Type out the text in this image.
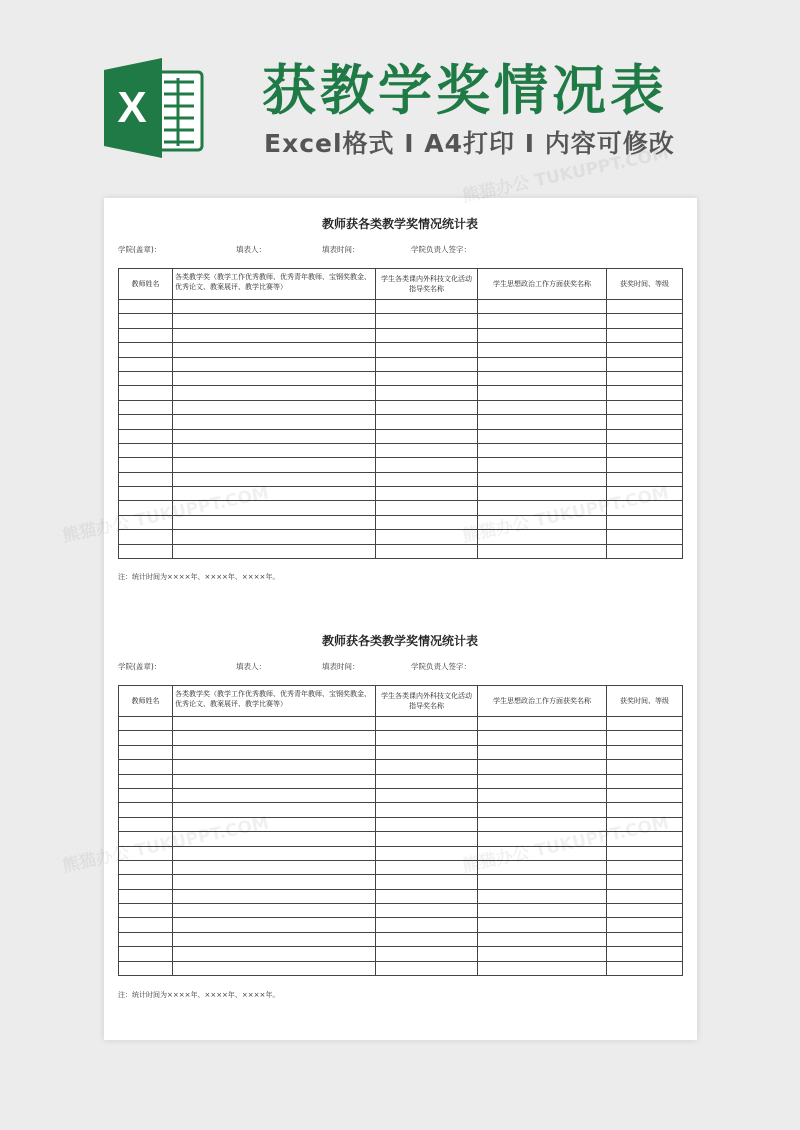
X 获教学奖情况表
Excel格式 I A4打印 I 内容可修改
教师获各类教学奖情况统计表
学院(盖章)：	填表人：	填表时间：	学院负责人签字：
教师姓名	各类教学奖（教学工作优秀教师、优秀青年教师、宝钢奖教金、优秀论文、教案展评、教学比赛等）	学生各类课内外科技文化活动指导奖名称	学生思想政治工作方面获奖名称	获奖时间、等级

注：统计时间为××××年、××××年、××××年。
教师获各类教学奖情况统计表
学院(盖章)：	填表人：	填表时间：	学院负责人签字：
教师姓名	各类教学奖（教学工作优秀教师、优秀青年教师、宝钢奖教金、优秀论文、教案展评、教学比赛等）	学生各类课内外科技文化活动指导奖名称	学生思想政治工作方面获奖名称	获奖时间、等级

注：统计时间为××××年、××××年、××××年。
熊猫办公
熊猫办公
熊猫办公 TUKUPPT.COM
